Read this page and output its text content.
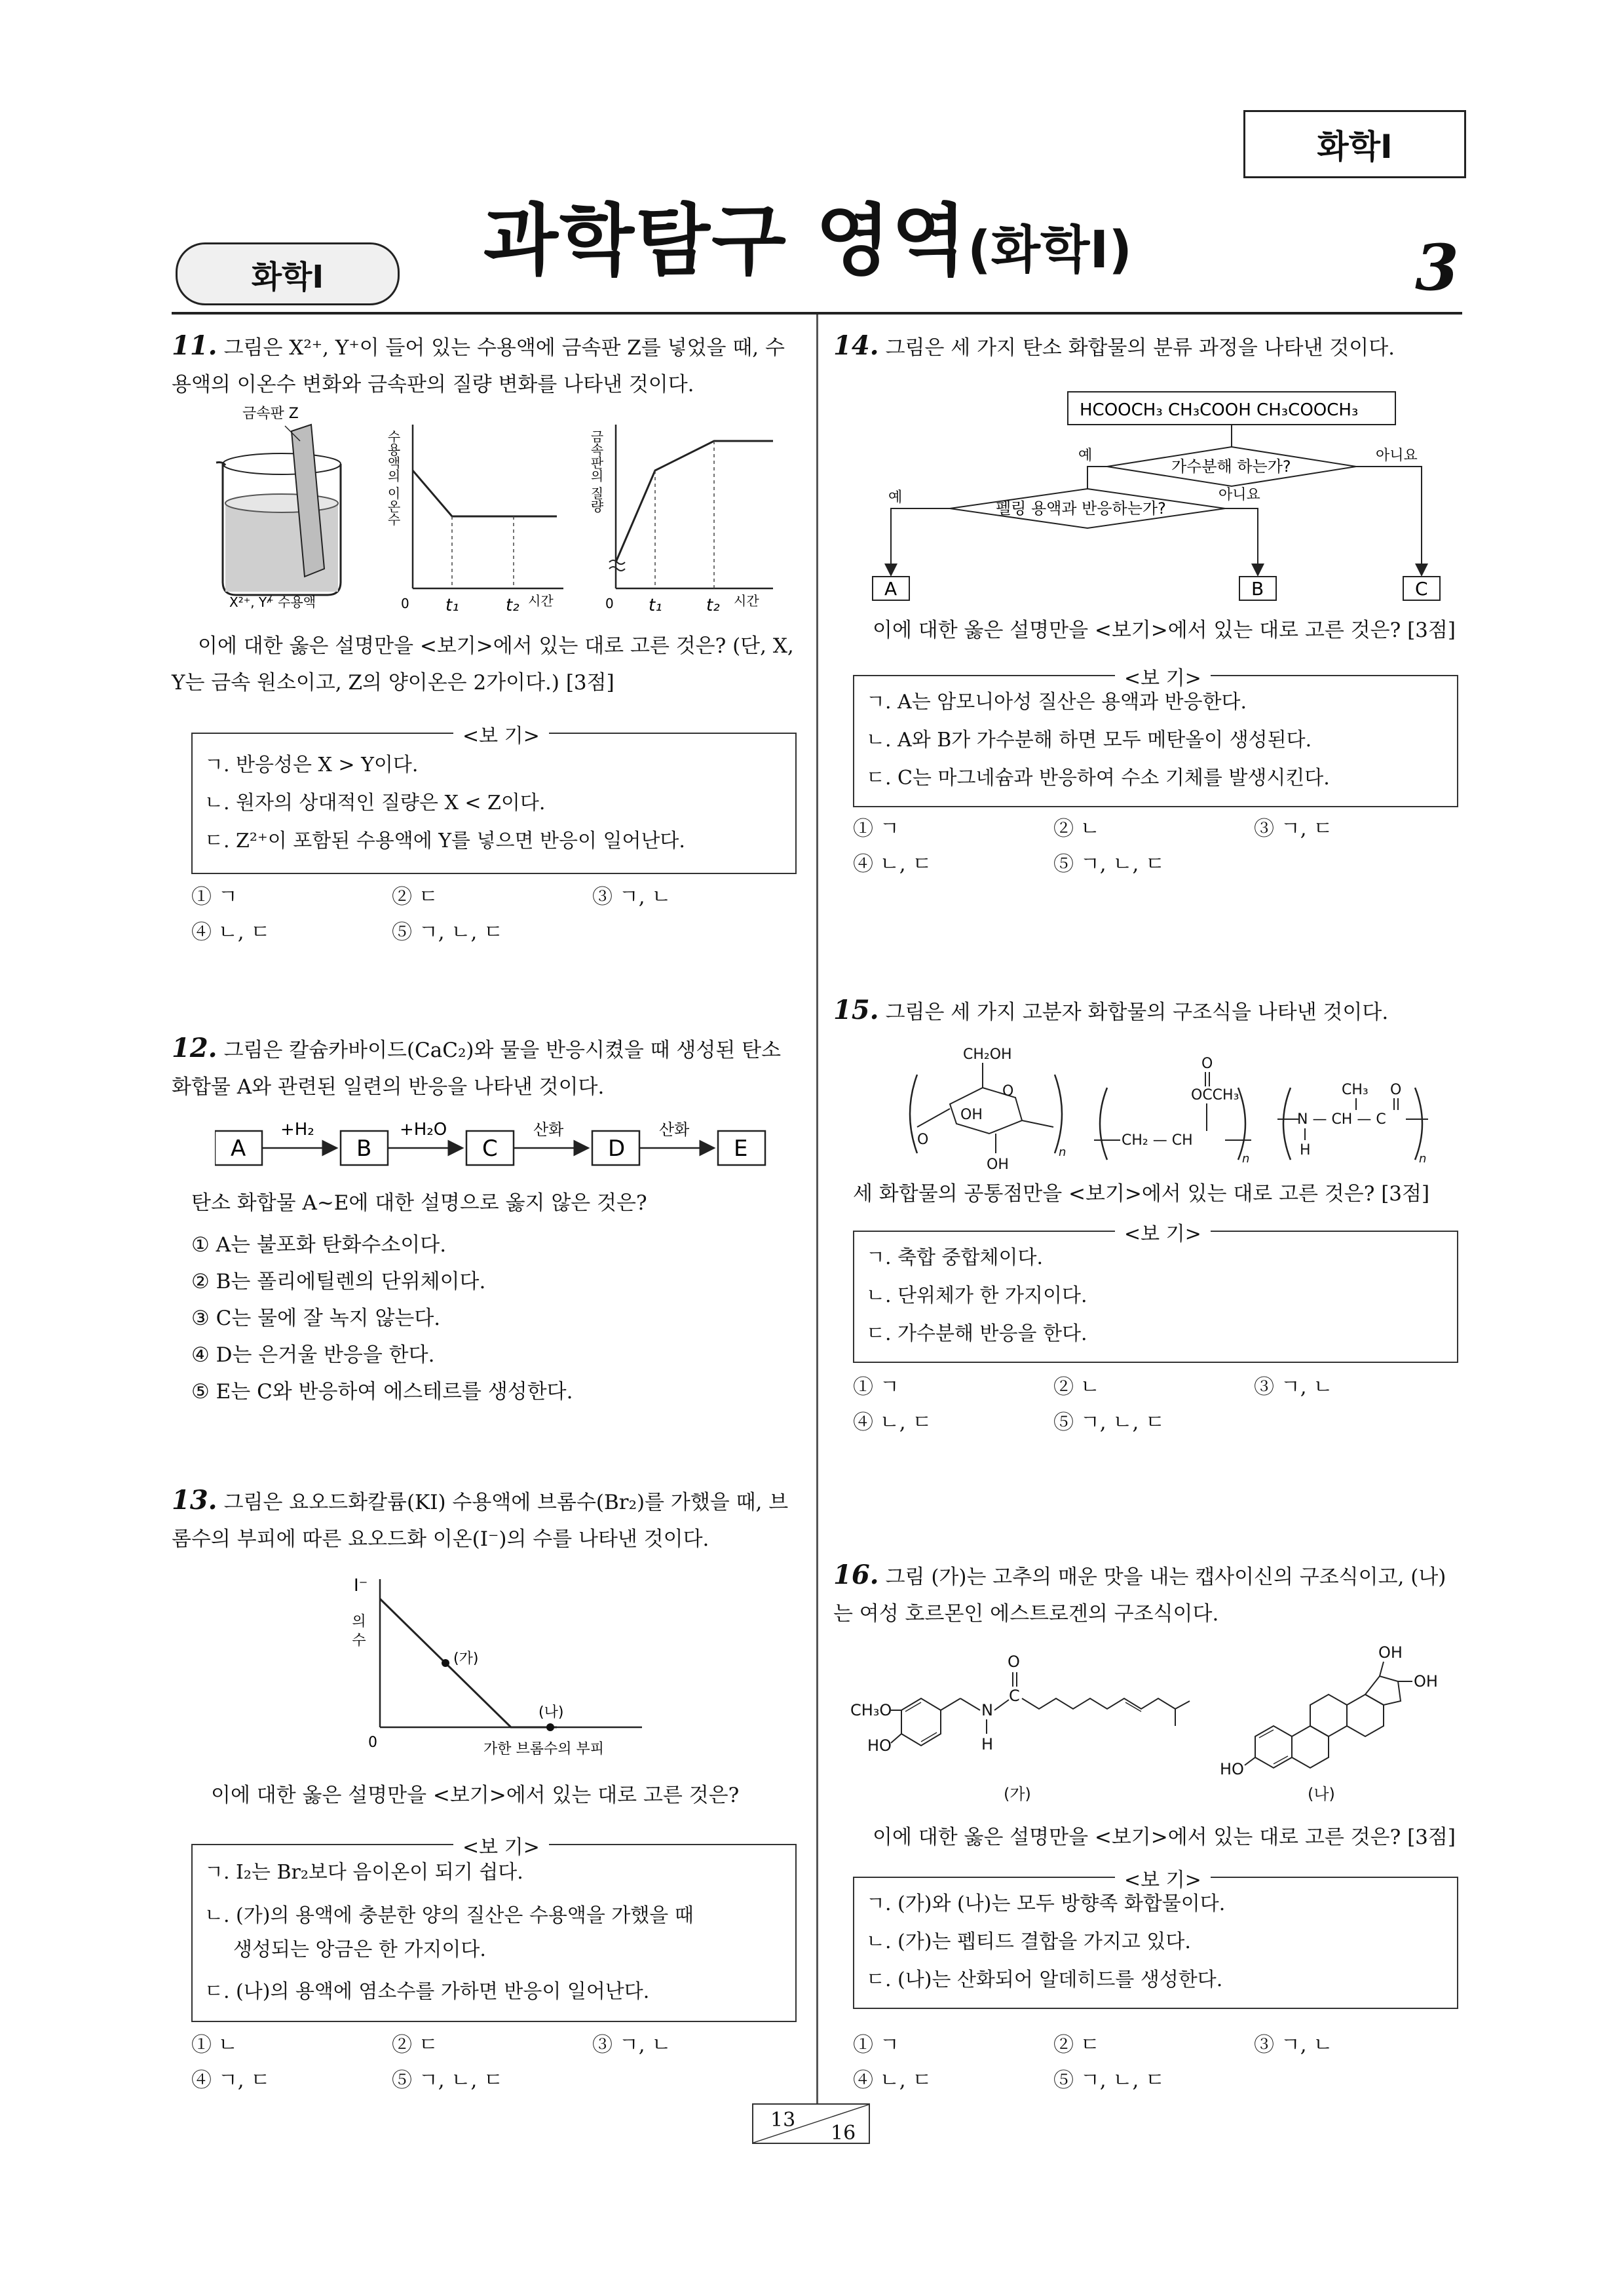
화학Ⅰ
과학탐구 영역(화학Ⅰ)
화학Ⅰ	3
11. 그림은 X²⁺, Y⁺이 들어 있는 수용액에 금속판 Z를 넣었을 때, 수용액의 이온수 변화와 금속판의 질량 변화를 나타낸 것이다.
금속판 Z
X²⁺, Y⁺ 수용액
수용액의 이온수
0 t₁	t₂ 시간
금속판의 질량
0 t₁	t₂ 시간
이에 대한 옳은 설명만을 <보기>에서 있는 대로 고른 것은? (단, X, Y는 금속 원소이고, Z의 양이온은 2가이다.) [3점]
<보 기>
ㄱ. 반응성은 X > Y이다.
ㄴ. 원자의 상대적인 질량은 X < Z이다.
ㄷ. Z²⁺이 포함된 수용액에 Y를 넣으면 반응이 일어난다.
① ㄱ	② ㄷ	③ ㄱ, ㄴ
④ ㄴ, ㄷ	⑤ ㄱ, ㄴ, ㄷ
12. 그림은 칼슘카바이드(CaC₂)와 물을 반응시켰을 때 생성된 탄소 화합물 A와 관련된 일련의 반응을 나타낸 것이다.
A
+H₂
B
+H₂O
C
산화
D
산화
E
탄소 화합물 A~E에 대한 설명으로 옳지 않은 것은?
① A는 불포화 탄화수소이다.
② B는 폴리에틸렌의 단위체이다.
③ C는 물에 잘 녹지 않는다.
④ D는 은거울 반응을 한다.
⑤ E는 C와 반응하여 에스테르를 생성한다.
13. 그림은 요오드화칼륨(KI) 수용액에 브롬수(Br₂)를 가했을 때, 브롬수의 부피에 따른 요오드화 이온(I⁻)의 수를 나타낸 것이다.
I⁻
의 수
(가)
(나)
0	가한 브롬수의 부피
이에 대한 옳은 설명만을 <보기>에서 있는 대로 고른 것은?
<보 기>
ㄱ. I₂는 Br₂보다 음이온이 되기 쉽다.
ㄴ. (가)의 용액에 충분한 양의 질산은 수용액을 가했을 때
생성되는 앙금은 한 가지이다.
ㄷ. (나)의 용액에 염소수를 가하면 반응이 일어난다.
① ㄴ	② ㄷ	③ ㄱ, ㄴ
④ ㄱ, ㄷ	⑤ ㄱ, ㄴ, ㄷ
14. 그림은 세 가지 탄소 화합물의 분류 과정을 나타낸 것이다.
HCOOCH₃ CH₃COOH CH₃COOCH₃
가수분해 하는가?
예	아니요
펠링 용액과 반응하는가?
예	아니요
A	B	C
이에 대한 옳은 설명만을 <보기>에서 있는 대로 고른 것은? [3점]
<보 기>
ㄱ. A는 암모니아성 질산은 용액과 반응한다.
ㄴ. A와 B가 가수분해 하면 모두 메탄올이 생성된다.
ㄷ. C는 마그네슘과 반응하여 수소 기체를 발생시킨다.
① ㄱ	② ㄴ	③ ㄱ, ㄷ
④ ㄴ, ㄷ	⑤ ㄱ, ㄴ, ㄷ
15. 그림은 세 가지 고분자 화합물의 구조식을 나타낸 것이다.
CH₂OH
O
OH
OH
O
n
CH₂ — CH
OCCH₃
O
n
N — CH — C
CH₃ O
H
n
세 화합물의 공통점만을 <보기>에서 있는 대로 고른 것은? [3점]
<보 기>
ㄱ. 축합 중합체이다.
ㄴ. 단위체가 한 가지이다.
ㄷ. 가수분해 반응을 한다.
① ㄱ	② ㄴ	③ ㄱ, ㄴ
④ ㄴ, ㄷ	⑤ ㄱ, ㄴ, ㄷ
16. 그림 (가)는 고추의 매운 맛을 내는 캡사이신의 구조식이고, (나)는 여성 호르몬인 에스트로겐의 구조식이다.
CH₃O
HO
N
H
C
O
(가)
OH
OH
HO
(나)
이에 대한 옳은 설명만을 <보기>에서 있는 대로 고른 것은? [3점]
<보 기>
ㄱ. (가)와 (나)는 모두 방향족 화합물이다.
ㄴ. (가)는 펩티드 결합을 가지고 있다.
ㄷ. (나)는 산화되어 알데히드를 생성한다.
① ㄱ	② ㄷ	③ ㄱ, ㄴ
④ ㄴ, ㄷ	⑤ ㄱ, ㄴ, ㄷ
13
16
